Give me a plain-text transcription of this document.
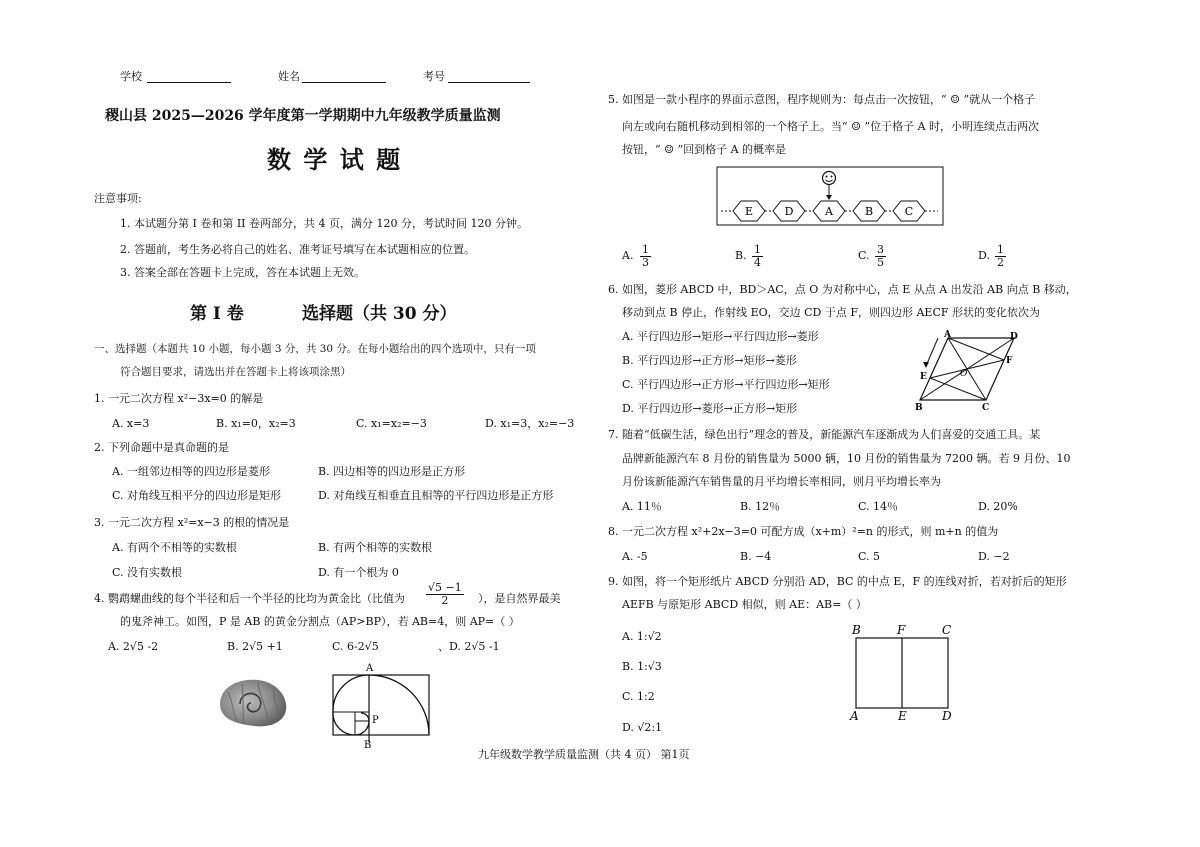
学校	姓名	考号
稷山县 2025—2026 学年度第一学期期中九年级教学质量监测
数 学 试 题
注意事项:
1. 本试题分第 I 卷和第 II 卷两部分，共 4 页，满分 120 分，考试时间 120 分钟。
2. 答题前，考生务必将自己的姓名、准考证号填写在本试题相应的位置。
3. 答案全部在答题卡上完成，答在本试题上无效。
第 I 卷	选择题（共 30 分）
一、选择题（本题共 10 小题，每小题 3 分，共 30 分。在每小题给出的四个选项中，只有一项
符合题目要求，请选出并在答题卡上将该项涂黑）
1. 一元二次方程 x²−3x=0 的解是
A. x=3	B. x₁=0，x₂=3	C. x₁=x₂=−3	D. x₁=3，x₂=−3
2. 下列命题中是真命题的是
A. 一组邻边相等的四边形是菱形	B. 四边相等的四边形是正方形
C. 对角线互相平分的四边形是矩形	D. 对角线互相垂直且相等的平行四边形是正方形
3. 一元二次方程 x²=x−3 的根的情况是
A. 有两个不相等的实数根	B. 有两个相等的实数根
C. 没有实数根	D. 有一个根为 0
4. 鹦鹉螺曲线的每个半径和后一个半径的比均为黄金比（比值为 $\frac{√5 -1}{2}$ ），是自然界最美
的鬼斧神工。如图，P 是 AB 的黄金分割点（AP>BP），若 AB=4，则 AP=（ ）
A. 2√5 -2	B. 2√5 +1	C. 6-2√5	、D. 2√5 -1
A
P
B
5. 如图是一款小程序的界面示意图，程序规则为：每点击一次按钮，“ ☺ ”就从一个格子
向左或向右随机移动到相邻的一个格子上。当“ ☺ ”位于格子 A 时，小明连续点击两次
按钮，“ ☺ ”回到格子 A 的概率是
E	D	A	B	C
A. $\frac{1}{3}$	B. $\frac{1}{4}$	C. $\frac{3}{5}$	D. $\frac{1}{2}$
6. 如图，菱形 ABCD 中，BD＞AC，点 O 为对称中心，点 E 从点 A 出发沿 AB 向点 B 移动，
移动到点 B 停止，作射线 EO，交边 CD 于点 F，则四边形 AECF 形状的变化依次为
A. 平行四边形→矩形→平行四边形→菱形
B. 平行四边形→正方形→矩形→菱形
C. 平行四边形→正方形→平行四边形→矩形
D. 平行四边形→菱形→正方形→矩形
A	D
E	O
F
B	C
7. 随着“低碳生活，绿色出行”理念的普及，新能源汽车逐渐成为人们喜爱的交通工具。某
品牌新能源汽车 8 月份的销售量为 5000 辆，10 月份的销售量为 7200 辆。若 9 月份、10
月份该新能源汽车销售量的月平均增长率相同，则月平均增长率为
A. 11％	B. 12％	C. 14％	D. 20%
8. 一元二次方程 x²+2x−3=0 可配方成（x+m）²=n 的形式，则 m+n 的值为
A. -5	B. −4	C. 5	D. −2
9. 如图，将一个矩形纸片 ABCD 分别沿 AD，BC 的中点 E，F 的连线对折，若对折后的矩形
AEFB 与原矩形 ABCD 相似，则 AE：AB=（ ）
A. 1:√2
B. 1:√3
C. 1:2
D. √2:1
B	F	C
A	E	D
九年级数学教学质量监测（共 4 页） 第1页
